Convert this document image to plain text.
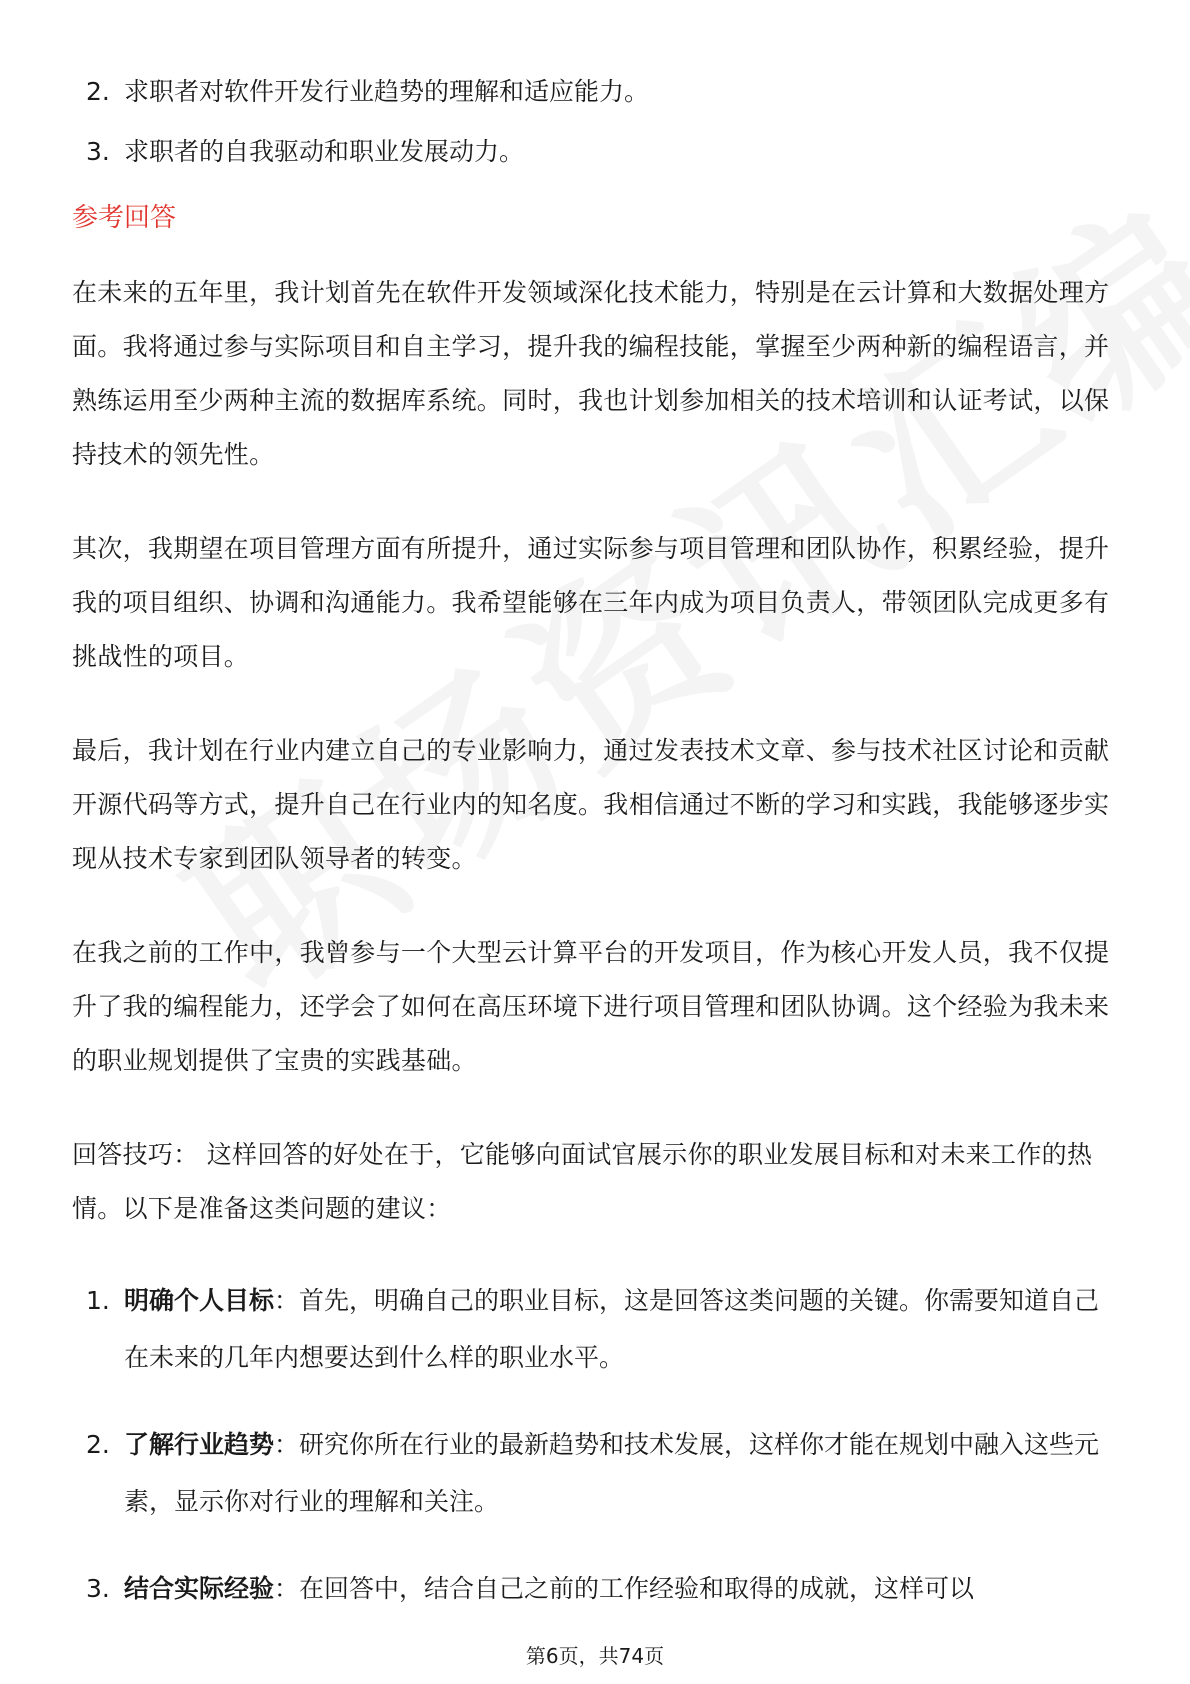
2. 求职者对软件开发行业趋势的理解和适应能力。
3. 求职者的自我驱动和职业发展动力。
参考回答

在未来的五年里，我计划首先在软件开发领域深化技术能力，特别是在云计算和大数据处理方面。我将通过参与实际项目和自主学习，提升我的编程技能，掌握至少两种新的编程语言，并熟练运用至少两种主流的数据库系统。同时，我也计划参加相关的技术培训和认证考试，以保持技术的领先性。

其次，我期望在项目管理方面有所提升，通过实际参与项目管理和团队协作，积累经验，提升我的项目组织、协调和沟通能力。我希望能够在三年内成为项目负责人，带领团队完成更多有挑战性的项目。

最后，我计划在行业内建立自己的专业影响力，通过发表技术文章、参与技术社区讨论和贡献开源代码等方式，提升自己在行业内的知名度。我相信通过不断的学习和实践，我能够逐步实现从技术专家到团队领导者的转变。

在我之前的工作中，我曾参与一个大型云计算平台的开发项目，作为核心开发人员，我不仅提升了我的编程能力，还学会了如何在高压环境下进行项目管理和团队协调。这个经验为我未来的职业规划提供了宝贵的实践基础。

回答技巧： 这样回答的好处在于，它能够向面试官展示你的职业发展目标和对未来工作的热情。以下是准备这类问题的建议：

1. 明确个人目标：首先，明确自己的职业目标，这是回答这类问题的关键。你需要知道自己在未来的几年内想要达到什么样的职业水平。
2. 了解行业趋势：研究你所在行业的最新趋势和技术发展，这样你才能在规划中融入这些元素，显示你对行业的理解和关注。
3. 结合实际经验：在回答中，结合自己之前的工作经验和取得的成就，这样可以
第6页，共74页
